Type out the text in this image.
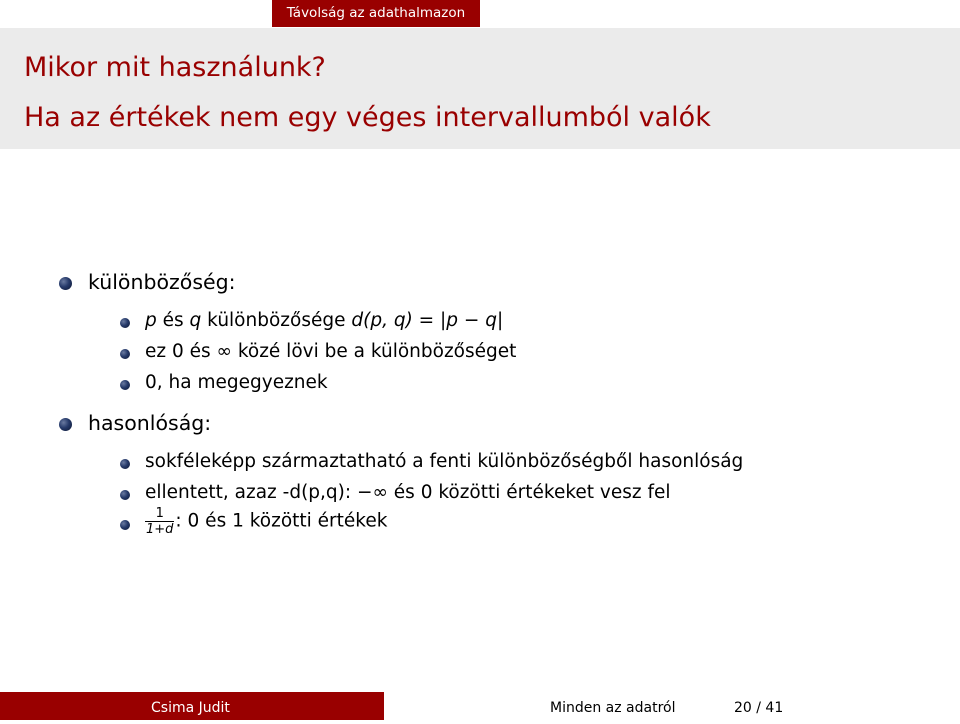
Távolság az adathalmazon
Mikor mit használunk?
Ha az értékek nem egy véges intervallumból valók
különbözőség:
p és q különbözősége d(p, q) = |p − q|
ez 0 és ∞ közé lövi be a különbözőséget
0, ha megegyeznek
hasonlóság:
sokféleképp származtatható a fenti különbözőségből hasonlóság
ellentett, azaz -d(p,q): −∞ és 0 közötti értékeket vesz fel
$\frac{1}{1+d}$ : 0 és 1 közötti értékek
Csima Judit	Minden az adatról	20 / 41
